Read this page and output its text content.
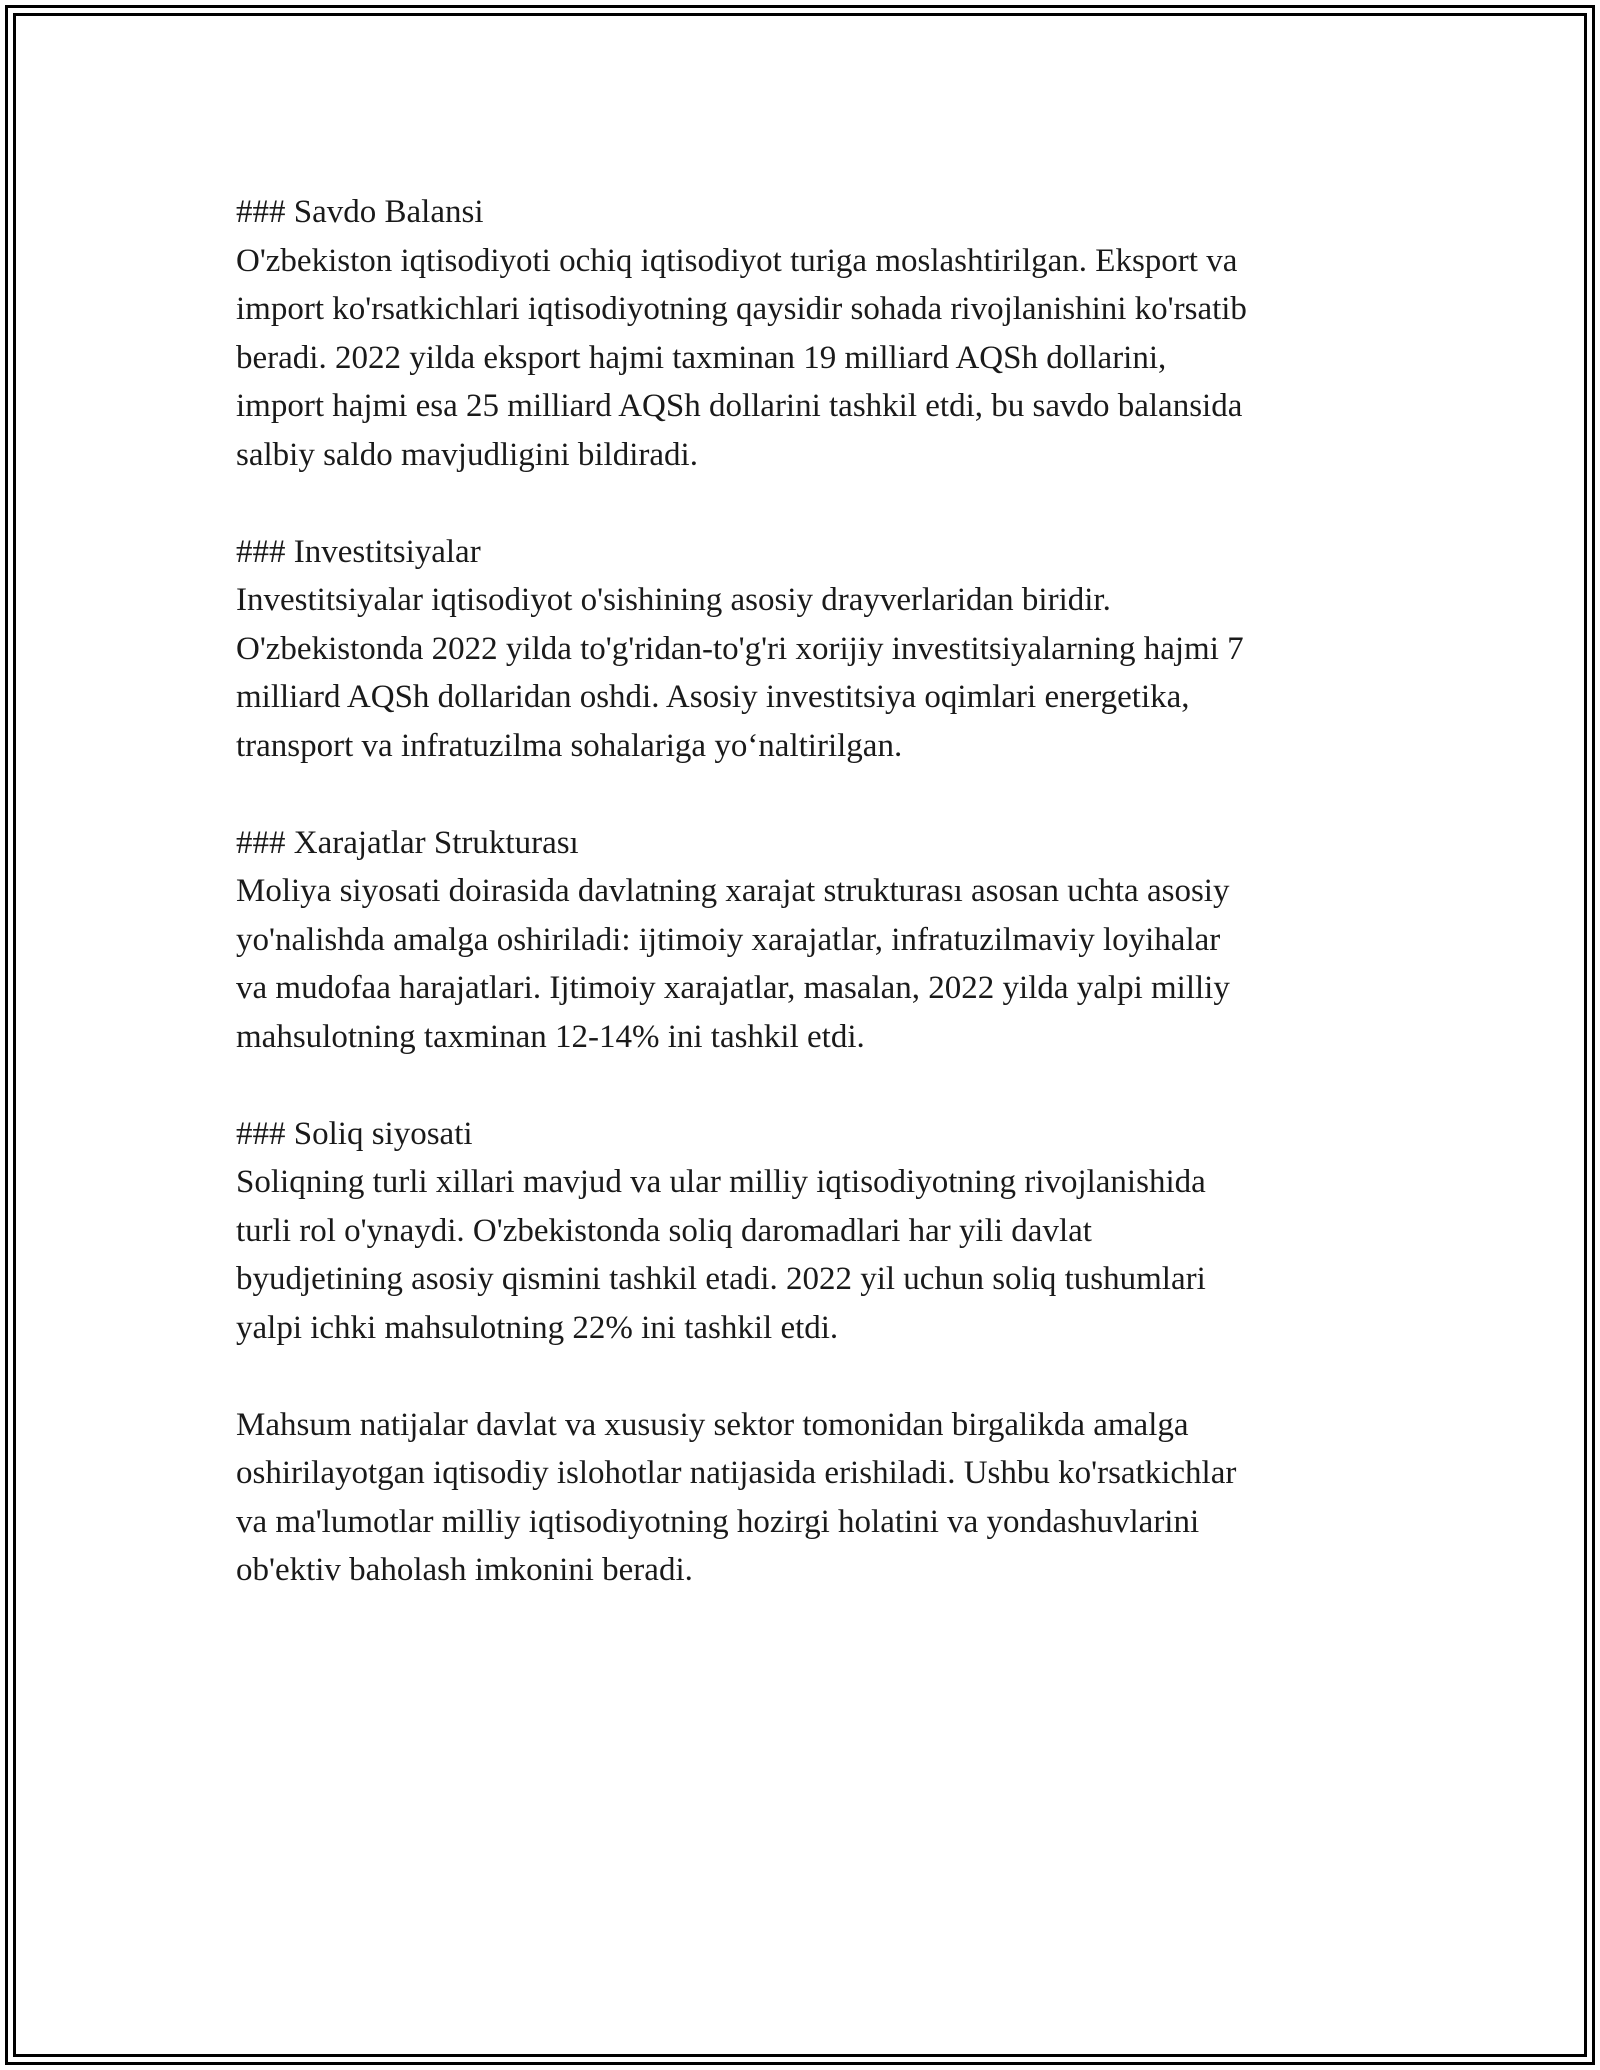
### Savdo Balansi

O'zbekiston iqtisodiyoti ochiq iqtisodiyot turiga moslashtirilgan. Eksport va
import ko'rsatkichlari iqtisodiyotning qaysidir sohada rivojlanishini ko'rsatib
beradi. 2022 yilda eksport hajmi taxminan 19 milliard AQSh dollarini,
import hajmi esa 25 milliard AQSh dollarini tashkil etdi, bu savdo balansida
salbiy saldo mavjudligini bildiradi.

### Investitsiyalar

Investitsiyalar iqtisodiyot o'sishining asosiy drayverlaridan biridir.
O'zbekistonda 2022 yilda to'g'ridan-to'g'ri xorijiy investitsiyalarning hajmi 7
milliard AQSh dollaridan oshdi. Asosiy investitsiya oqimlari energetika,
transport va infratuzilma sohalariga yoʻnaltirilgan.

### Xarajatlar Strukturası

Moliya siyosati doirasida davlatning xarajat strukturası asosan uchta asosiy
yo'nalishda amalga oshiriladi: ijtimoiy xarajatlar, infratuzilmaviy loyihalar
va mudofaa harajatlari. Ijtimoiy xarajatlar, masalan, 2022 yilda yalpi milliy
mahsulotning taxminan 12-14% ini tashkil etdi.

### Soliq siyosati

Soliqning turli xillari mavjud va ular milliy iqtisodiyotning rivojlanishida
turli rol o'ynaydi. O'zbekistonda soliq daromadlari har yili davlat
byudjetining asosiy qismini tashkil etadi. 2022 yil uchun soliq tushumlari
yalpi ichki mahsulotning 22% ini tashkil etdi.

Mahsum natijalar davlat va xususiy sektor tomonidan birgalikda amalga
oshirilayotgan iqtisodiy islohotlar natijasida erishiladi. Ushbu ko'rsatkichlar
va ma'lumotlar milliy iqtisodiyotning hozirgi holatini va yondashuvlarini
ob'ektiv baholash imkonini beradi.
